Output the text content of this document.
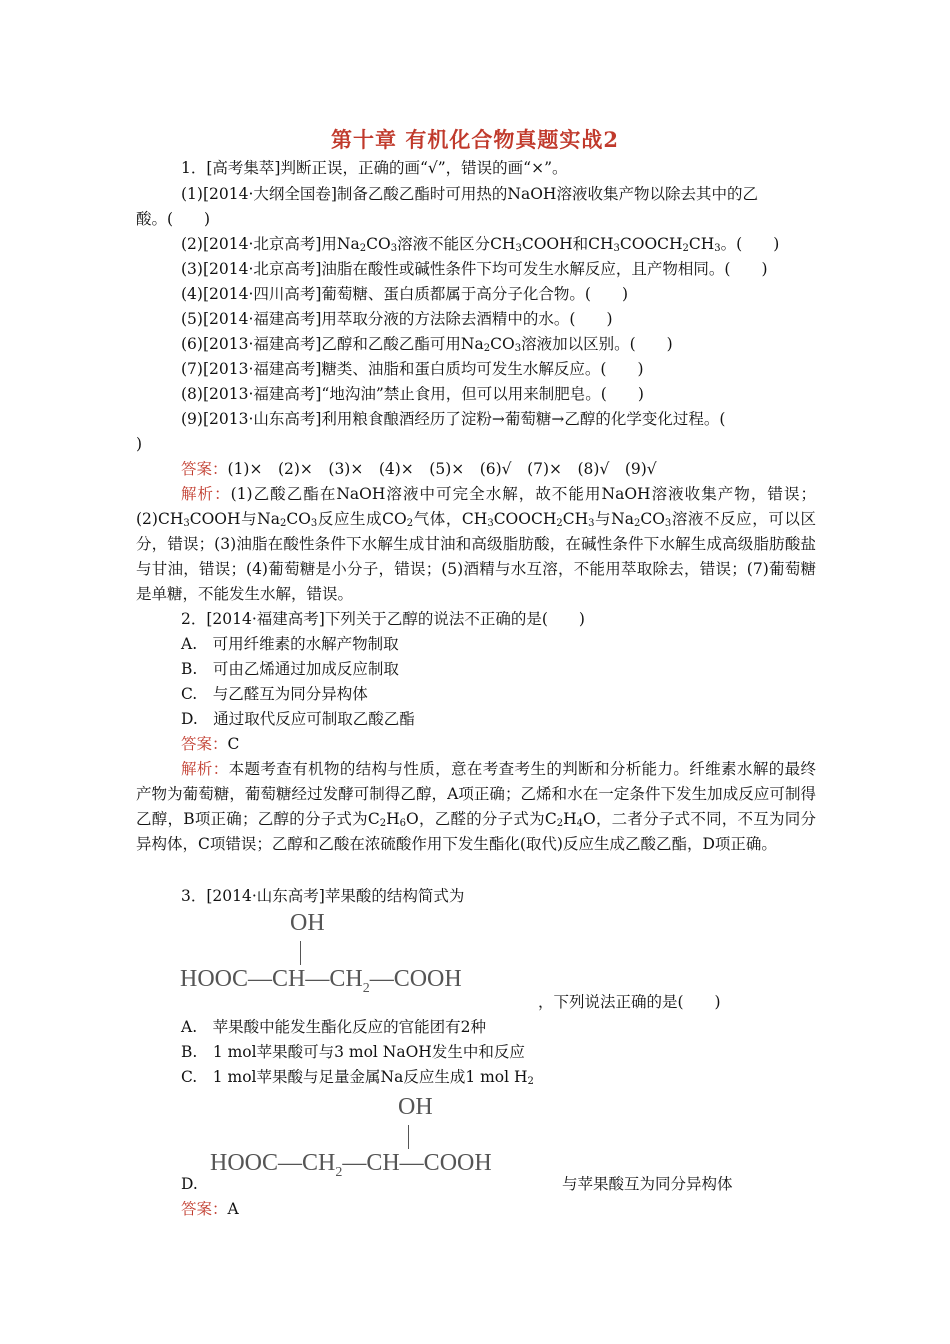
第十章 有机化合物真题实战2
1．[高考集萃]判断正误，正确的画“√”，错误的画“×”。
(1)[2014·大纲全国卷]制备乙酸乙酯时可用热的NaOH溶液收集产物以除去其中的乙
酸。(　　)
(2)[2014·北京高考]用$Na_2CO_3$溶液不能区分$CH_3COOH$和$CH_3COOCH_2CH_3$。(　　)
(3)[2014·北京高考]油脂在酸性或碱性条件下均可发生水解反应，且产物相同。(　　)
(4)[2014·四川高考]葡萄糖、蛋白质都属于高分子化合物。(　　)
(5)[2014·福建高考]用萃取分液的方法除去酒精中的水。(　　)
(6)[2013·福建高考]乙醇和乙酸乙酯可用$Na_2CO_3$溶液加以区别。(　　)
(7)[2013·福建高考]糖类、油脂和蛋白质均可发生水解反应。(　　)
(8)[2013·福建高考]“地沟油”禁止食用，但可以用来制肥皂。(　　)
(9)[2013·山东高考]利用粮食酿酒经历了淀粉→葡萄糖→乙醇的化学变化过程。(
)
答案：(1)×　(2)×　(3)×　(4)×　(5)×　(6)√　(7)×　(8)√　(9)√
解析：(1)乙酸乙酯在NaOH溶液中可完全水解，故不能用NaOH溶液收集产物，错误；$(2)CH_3COOH$与$Na_2CO_3$反应生成$CO_2$气体，$CH_3COOCH_2CH_3$与$Na_2CO_3$溶液不反应，可以区分，错误；(3)油脂在酸性条件下水解生成甘油和高级脂肪酸，在碱性条件下水解生成高级脂肪酸盐与甘油，错误；(4)葡萄糖是小分子，错误；(5)酒精与水互溶，不能用萃取除去，错误；(7)葡萄糖是单糖，不能发生水解，错误。
2．[2014·福建高考]下列关于乙醇的说法不正确的是(　　)
A.　可用纤维素的水解产物制取
B.　可由乙烯通过加成反应制取
C.　与乙醛互为同分异构体
D.　通过取代反应可制取乙酸乙酯
答案：C
解析：本题考查有机物的结构与性质，意在考查考生的判断和分析能力。纤维素水解的最终产物为葡萄糖，葡萄糖经过发酵可制得乙醇，A项正确；乙烯和水在一定条件下发生加成反应可制得乙醇，B项正确；乙醇的分子式为$C_2H_6O$，乙醛的分子式为$C_2H_4O$，二者分子式不同，不互为同分异构体，C项错误；乙醇和乙酸在浓硫酸作用下发生酯化(取代)反应生成乙酸乙酯，D项正确。
3．[2014·山东高考]苹果酸的结构简式为
OH
$HOOC—CH—CH_2—COOH$
，下列说法正确的是(　　)
A.　苹果酸中能发生酯化反应的官能团有2种
B.　1 mol苹果酸可与3 mol NaOH发生中和反应
C.　1 mol苹果酸与足量金属Na反应生成1 mol $H_2$
OH
$HOOC—CH_2—CH—COOH$
D.	与苹果酸互为同分异构体
答案：A
